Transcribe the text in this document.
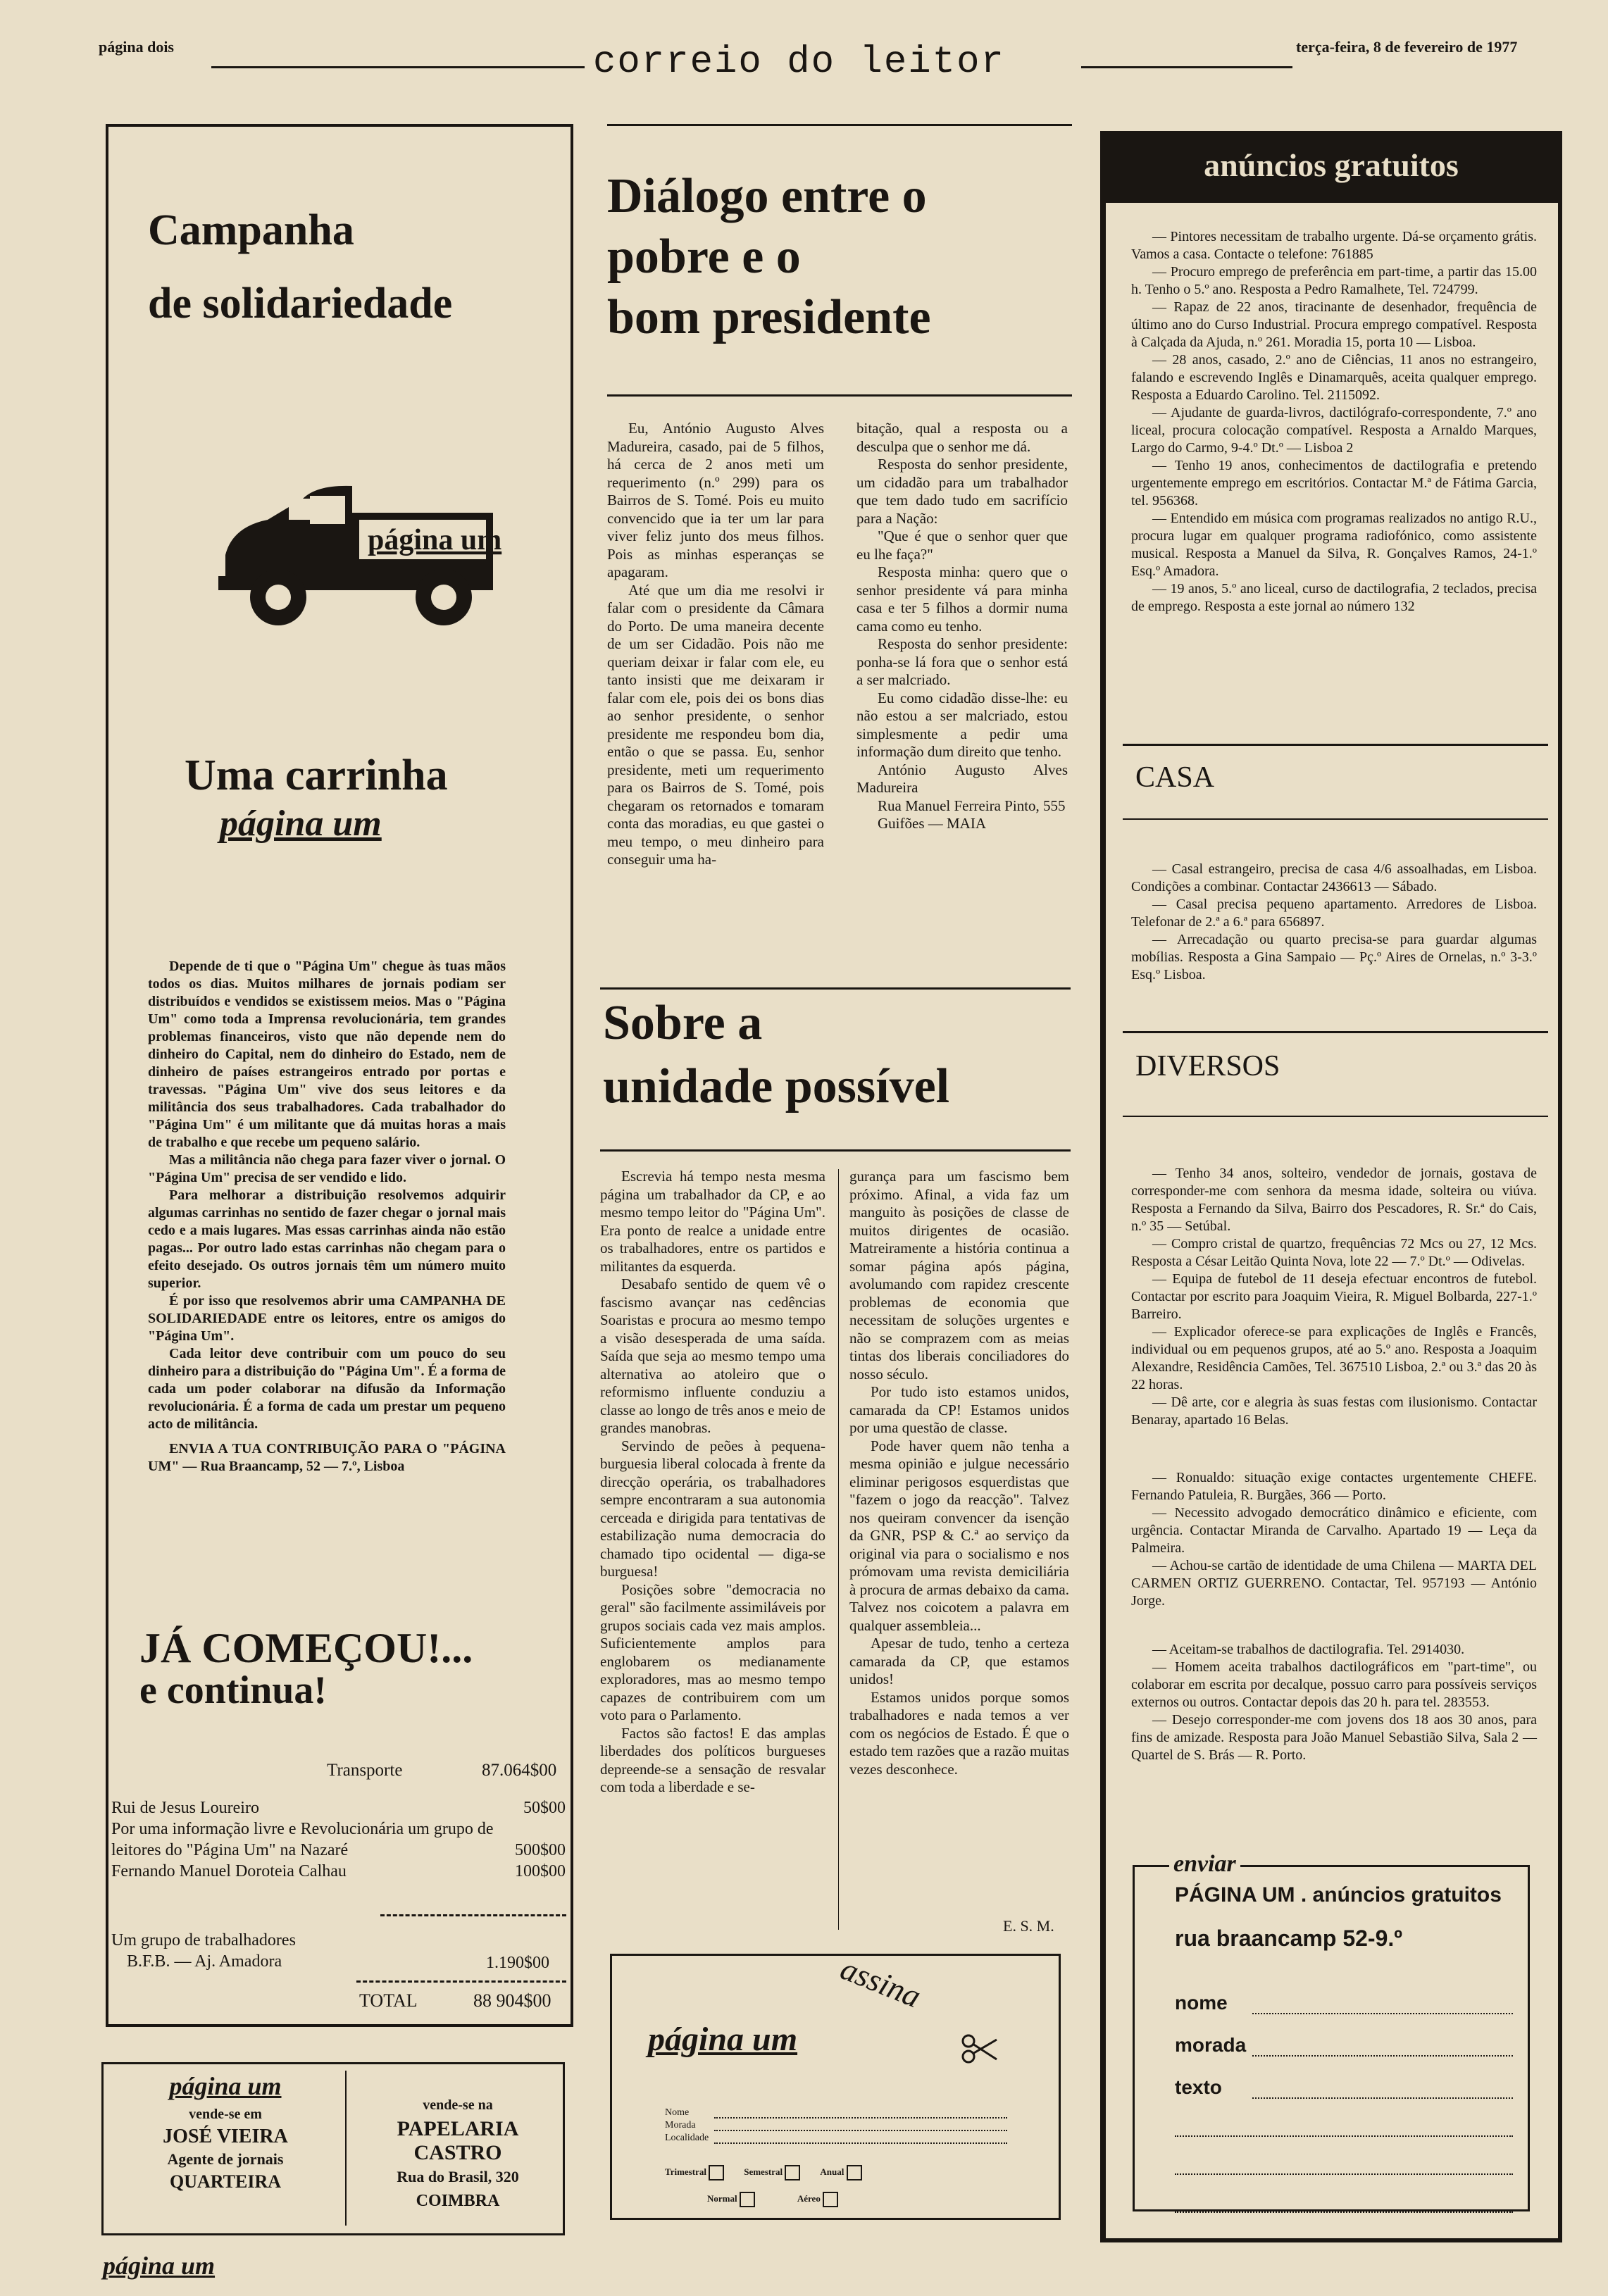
página dois	correio do leitor	terça-feira, 8 de fevereiro de 1977
Campanha
de solidariedade
página um
Uma carrinha
página um

Depende de ti que o "Página Um" chegue às tuas mãos todos os dias. Muitos milhares de jornais podiam ser distribuídos e vendidos se existissem meios. Mas o "Página Um" como toda a Imprensa revolucionária, tem grandes problemas financeiros, visto que não depende nem do dinheiro do Capital, nem do dinheiro do Estado, nem de dinheiro de países estrangeiros entrado por portas e travessas. "Página Um" vive dos seus leitores e da militância dos seus trabalhadores. Cada trabalhador do "Página Um" é um militante que dá muitas horas a mais de trabalho e que recebe um pequeno salário.

Mas a militância não chega para fazer viver o jornal. O "Página Um" precisa de ser vendido e lido.

Para melhorar a distribuição resolvemos adquirir algumas carrinhas no sentido de fazer chegar o jornal mais cedo e a mais lugares. Mas essas carrinhas ainda não estão pagas... Por outro lado estas carrinhas não chegam para o efeito desejado. Os outros jornais têm um número muito superior.

É por isso que resolvemos abrir uma CAMPANHA DE SOLIDARIEDADE entre os leitores, entre os amigos do "Página Um".

Cada leitor deve contribuir com um pouco do seu dinheiro para a distribuição do "Página Um". É a forma de cada um poder colaborar na difusão da Informação revolucionária. É a forma de cada um prestar um pequeno acto de militância.

ENVIA A TUA CONTRIBUIÇÃO PARA O "PÁGINA UM" — Rua Braancamp, 52 — 7.º, Lisboa

JÁ COMEÇOU!...
e continua!
Transporte	87.064$00
Rui de Jesus Loureiro	50$00
Por uma informação livre e Revolucionária um grupo de
leitores do "Página Um" na Nazaré	500$00
Fernando Manuel Doroteia Calhau	100$00
Um grupo de trabalhadores
B.F.B. — Aj. Amadora	1.190$00
TOTAL	88 904$00
página um
vende-se em
JOSÉ VIEIRA
Agente de jornais
QUARTEIRA
vende-se na
PAPELARIA
CASTRO
Rua do Brasil, 320
COIMBRA
página um
Diálogo entre o
pobre e o
bom presidente

Eu, António Augusto Alves Madureira, casado, pai de 5 filhos, há cerca de 2 anos meti um requerimento (n.º 299) para os Bairros de S. Tomé. Pois eu muito convencido que ia ter um lar para viver feliz junto dos meus filhos. Pois as minhas esperanças se apagaram.

Até que um dia me resolvi ir falar com o presidente da Câmara do Porto. De uma maneira decente de um ser Cidadão. Pois não me queriam deixar ir falar com ele, eu tanto insisti que me deixaram ir falar com ele, pois dei os bons dias ao senhor presidente, o senhor presidente me respondeu bom dia, então o que se passa. Eu, senhor presidente, meti um requerimento para os Bairros de S. Tomé, pois chegaram os retornados e tomaram conta das moradias, eu que gastei o meu tempo, o meu dinheiro para conseguir uma ha-

bitação, qual a resposta ou a desculpa que o senhor me dá.

Resposta do senhor presidente, um cidadão para um trabalhador que tem dado tudo em sacrifício para a Nação:

"Que é que o senhor quer que eu lhe faça?"

Resposta minha: quero que o senhor presidente vá para minha casa e ter 5 filhos a dormir numa cama como eu tenho.

Resposta do senhor presidente: ponha-se lá fora que o senhor está a ser malcriado.

Eu como cidadão disse-lhe: eu não estou a ser malcriado, estou simplesmente a pedir uma informação dum direito que tenho.

António Augusto Alves Madureira

Rua Manuel Ferreira Pinto, 555

Guifões — MAIA

Sobre a
unidade possível

Escrevia há tempo nesta mesma página um trabalhador da CP, e ao mesmo tempo leitor do "Página Um". Era ponto de realce a unidade entre os trabalhadores, entre os partidos e militantes da esquerda.

Desabafo sentido de quem vê o fascismo avançar nas cedências Soaristas e procura ao mesmo tempo a visão desesperada de uma saída. Saída que seja ao mesmo tempo uma alternativa ao atoleiro que o reformismo influente conduziu a classe ao longo de três anos e meio de grandes manobras.

Servindo de peões à pequena-burguesia liberal colocada à frente da direcção operária, os trabalhadores sempre encontraram a sua autonomia cerceada e dirigida para tentativas de estabilização numa democracia do chamado tipo ocidental — diga-se burguesa!

Posições sobre "democracia no geral" são facilmente assimiláveis por grupos sociais cada vez mais amplos. Suficientemente amplos para englobarem os medianamente exploradores, mas ao mesmo tempo capazes de contribuirem com um voto para o Parlamento.

Factos são factos! E das amplas liberdades dos políticos burgueses depreende-se a sensação de resvalar com toda a liberdade e se-

gurança para um fascismo bem próximo. Afinal, a vida faz um manguito às posições de classe de muitos dirigentes de ocasião. Matreiramente a história continua a somar página após página, avolumando com rapidez crescente problemas de economia que necessitam de soluções urgentes e não se comprazem com as meias tintas dos liberais conciliadores do nosso século.

Por tudo isto estamos unidos, camarada da CP! Estamos unidos por uma questão de classe.

Pode haver quem não tenha a mesma opinião e julgue necessário eliminar perigosos esquerdistas que "fazem o jogo da reacção". Talvez nos queiram convencer da isenção da GNR, PSP & C.ª ao serviço da original via para o socialismo e nos prómovam uma revista demiciliária à procura de armas debaixo da cama. Talvez nos coicotem a palavra em qualquer assembleia...

Apesar de tudo, tenho a certeza camarada da CP, que estamos unidos!

Estamos unidos porque somos trabalhadores e nada temos a ver com os negócios de Estado. É que o estado tem razões que a razão muitas vezes desconhece.

E. S. M.
assina
página um
Nome
Morada
Localidade
Trimestral	Semestral	Anual
Normal	Aéreo
anúncios gratuitos

— Pintores necessitam de trabalho urgente. Dá-se orçamento grátis. Vamos a casa. Contacte o telefone: 761885

— Procuro emprego de preferência em part-time, a partir das 15.00 h. Tenho o 5.º ano. Resposta a Pedro Ramalhete, Tel. 724799.

— Rapaz de 22 anos, tiracinante de desenhador, frequência de último ano do Curso Industrial. Procura emprego compatível. Resposta à Calçada da Ajuda, n.º 261. Moradia 15, porta 10 — Lisboa.

— 28 anos, casado, 2.º ano de Ciências, 11 anos no estrangeiro, falando e escrevendo Inglês e Dinamarquês, aceita qualquer emprego. Resposta a Eduardo Carolino. Tel. 2115092.

— Ajudante de guarda-livros, dactilógrafo-correspondente, 7.º ano liceal, procura colocação compatível. Resposta a Arnaldo Marques, Largo do Carmo, 9-4.º Dt.º — Lisboa 2

— Tenho 19 anos, conhecimentos de dactilografia e pretendo urgentemente emprego em escritórios. Contactar M.ª de Fátima Garcia, tel. 956368.

— Entendido em música com programas realizados no antigo R.U., procura lugar em qualquer programa radiofónico, como assistente musical. Resposta a Manuel da Silva, R. Gonçalves Ramos, 24-1.º Esq.º Amadora.

— 19 anos, 5.º ano liceal, curso de dactilografia, 2 teclados, precisa de emprego. Resposta a este jornal ao número 132

CASA

— Casal estrangeiro, precisa de casa 4/6 assoalhadas, em Lisboa. Condições a combinar. Contactar 2436613 — Sábado.

— Casal precisa pequeno apartamento. Arredores de Lisboa. Telefonar de 2.ª a 6.ª para 656897.

— Arrecadação ou quarto precisa-se para guardar algumas mobílias. Resposta a Gina Sampaio — Pç.º Aires de Ornelas, n.º 3-3.º Esq.º Lisboa.

DIVERSOS

— Tenho 34 anos, solteiro, vendedor de jornais, gostava de corresponder-me com senhora da mesma idade, solteira ou viúva. Resposta a Fernando da Silva, Bairro dos Pescadores, R. Sr.ª do Cais, n.º 35 — Setúbal.

— Compro cristal de quartzo, frequências 72 Mcs ou 27, 12 Mcs. Resposta a César Leitão Quinta Nova, lote 22 — 7.º Dt.º — Odivelas.

— Equipa de futebol de 11 deseja efectuar encontros de futebol. Contactar por escrito para Joaquim Vieira, R. Miguel Bolbarda, 227-1.º Barreiro.

— Explicador oferece-se para explicações de Inglês e Francês, individual ou em pequenos grupos, até ao 5.º ano. Resposta a Joaquim Alexandre, Residência Camões, Tel. 367510 Lisboa, 2.ª ou 3.ª das 20 às 22 horas.

— Dê arte, cor e alegria às suas festas com ilusionismo. Contactar Benaray, apartado 16 Belas.

— Ronualdo: situação exige contactes urgentemente CHEFE. Fernando Patuleia, R. Burgães, 366 — Porto.

— Necessito advogado democrático dinâmico e eficiente, com urgência. Contactar Miranda de Carvalho. Apartado 19 — Leça da Palmeira.

— Achou-se cartão de identidade de uma Chilena — MARTA DEL CARMEN ORTIZ GUERRENO. Contactar, Tel. 957193 — António Jorge.

— Aceitam-se trabalhos de dactilografia. Tel. 2914030.

— Homem aceita trabalhos dactilográficos em "part-time", ou colaborar em escrita por decalque, possuo carro para possíveis serviços externos ou outros. Contactar depois das 20 h. para tel. 283553.

— Desejo corresponder-me com jovens dos 18 aos 30 anos, para fins de amizade. Resposta para João Manuel Sebastião Silva, Sala 2 — Quartel de S. Brás — R. Porto.

enviar
PÁGINA UM . anúncios gratuitos
rua braancamp 52-9.º
nome
morada
texto
